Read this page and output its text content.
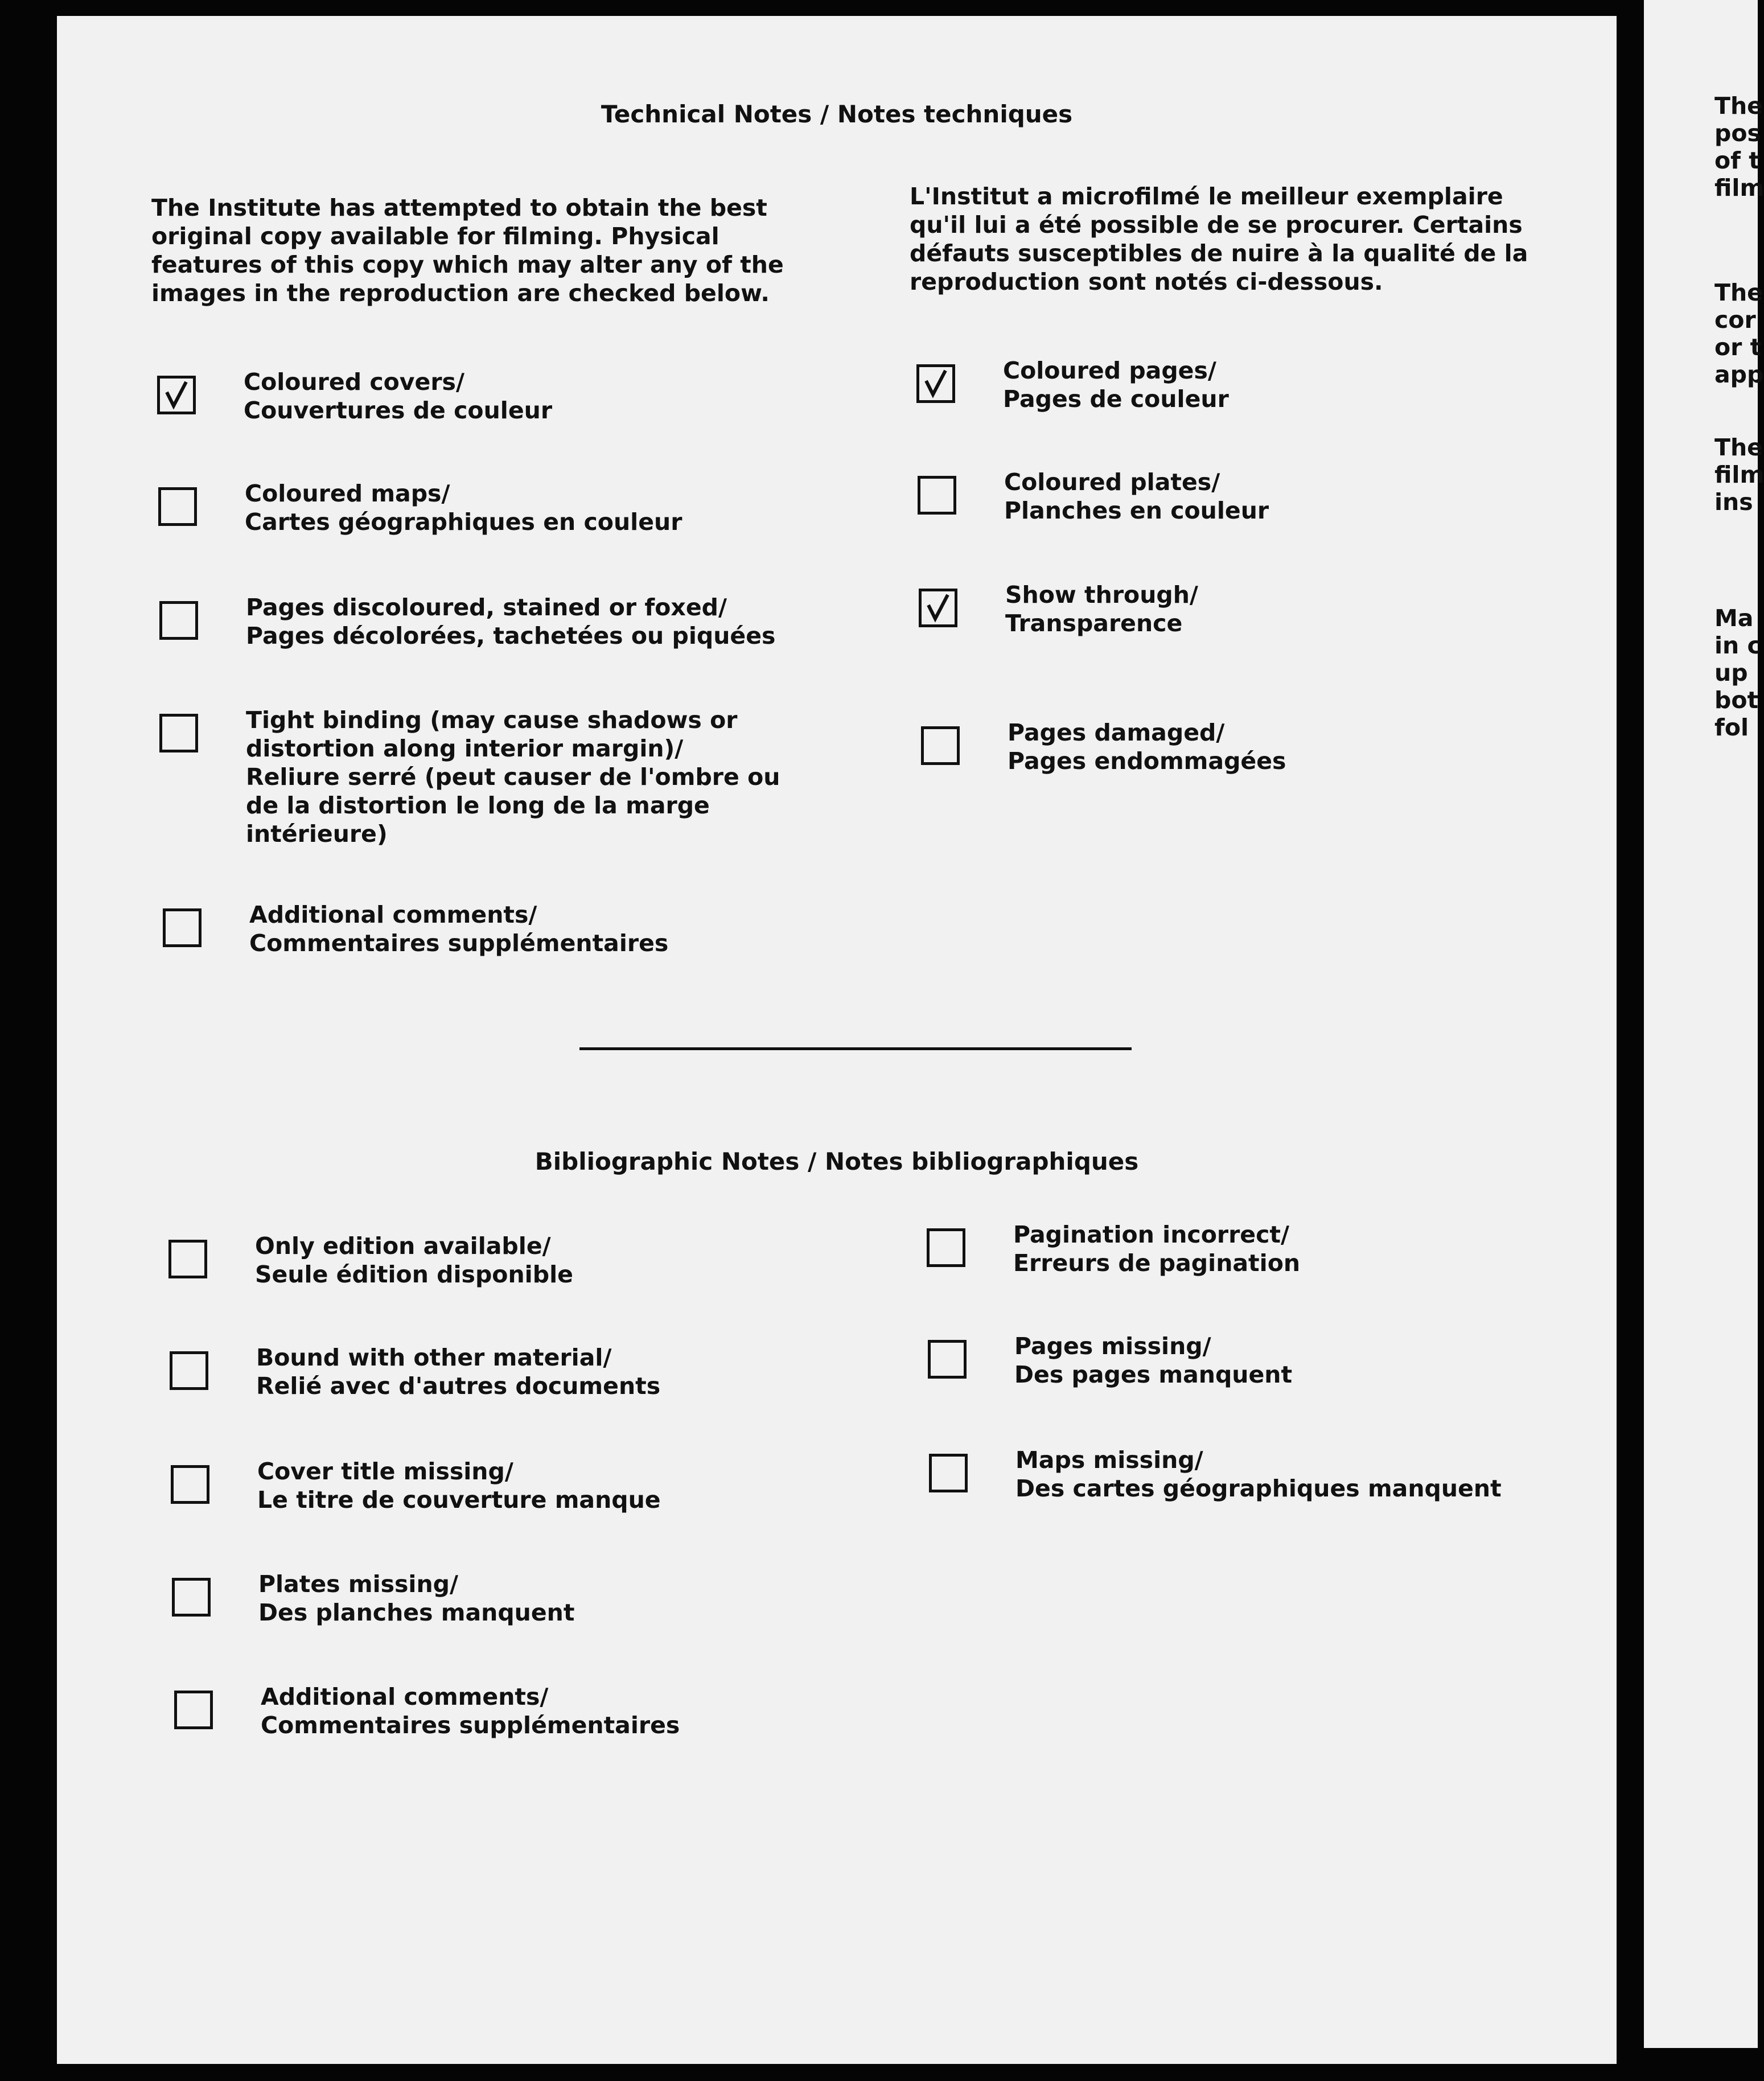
Technical Notes / Notes techniques
The Institute has attempted to obtain the best
original copy available for filming. Physical
features of this copy which may alter any of the
images in the reproduction are checked below.
L'Institut a microfilmé le meilleur exemplaire
qu'il lui a été possible de se procurer. Certains
défauts susceptibles de nuire à la qualité de la
reproduction sont notés ci-dessous.
Coloured covers/
Couvertures de couleur
Coloured maps/
Cartes géographiques en couleur
Pages discoloured, stained or foxed/
Pages décolorées, tachetées ou piquées
Tight binding (may cause shadows or
distortion along interior margin)/
Reliure serré (peut causer de l'ombre ou
de la distortion le long de la marge
intérieure)
Additional comments/
Commentaires supplémentaires
Coloured pages/
Pages de couleur
Coloured plates/
Planches en couleur
Show through/
Transparence
Pages damaged/
Pages endommagées
Bibliographic Notes / Notes bibliographiques
Only edition available/
Seule édition disponible
Bound with other material/
Relié avec d'autres documents
Cover title missing/
Le titre de couverture manque
Plates missing/
Des planches manquent
Additional comments/
Commentaires supplémentaires
Pagination incorrect/
Erreurs de pagination
Pages missing/
Des pages manquent
Maps missing/
Des cartes géographiques manquent
The
pos
of t
film
The
cor
or t
app
The
film
ins
Ma
in c
up
bot
fol
